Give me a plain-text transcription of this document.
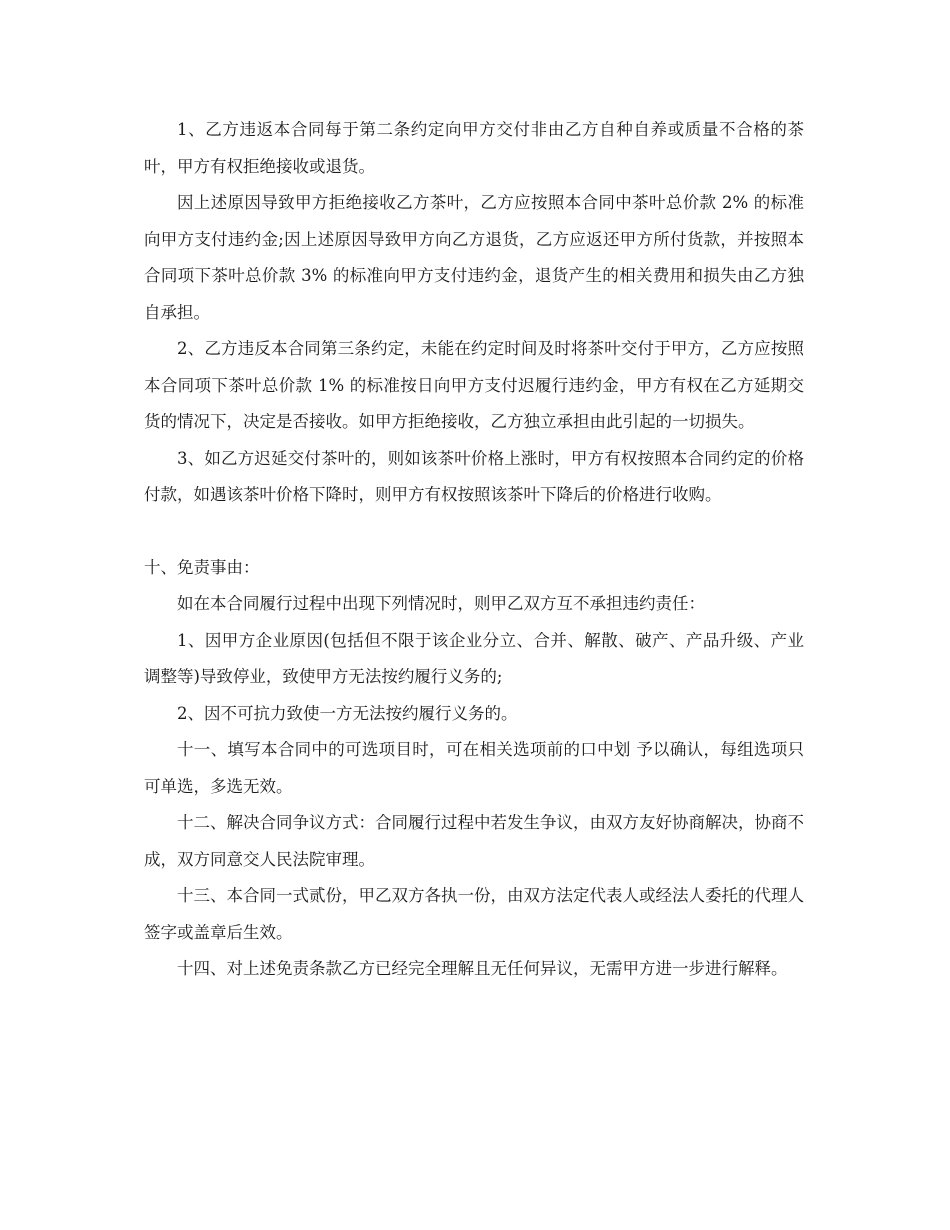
1、乙方违返本合同每于第二条约定向甲方交付非由乙方自种自养或质量不合格的茶叶，甲方有权拒绝接收或退货。

因上述原因导致甲方拒绝接收乙方茶叶，乙方应按照本合同中茶叶总价款 2% 的标准向甲方支付违约金;因上述原因导致甲方向乙方退货，乙方应返还甲方所付货款，并按照本合同项下茶叶总价款 3% 的标准向甲方支付违约金，退货产生的相关费用和损失由乙方独自承担。

2、乙方违反本合同第三条约定，未能在约定时间及时将茶叶交付于甲方，乙方应按照本合同项下茶叶总价款 1% 的标准按日向甲方支付迟履行违约金，甲方有权在乙方延期交货的情况下，决定是否接收。如甲方拒绝接收，乙方独立承担由此引起的一切损失。

3、如乙方迟延交付茶叶的，则如该茶叶价格上涨时，甲方有权按照本合同约定的价格付款，如遇该茶叶价格下降时，则甲方有权按照该茶叶下降后的价格进行收购。

十、免责事由：

如在本合同履行过程中出现下列情况时，则甲乙双方互不承担违约责任：

1、因甲方企业原因(包括但不限于该企业分立、合并、解散、破产、产品升级、产业调整等)导致停业，致使甲方无法按约履行义务的;

2、因不可抗力致使一方无法按约履行义务的。

十一、填写本合同中的可选项目时，可在相关选项前的口中划 予以确认，每组选项只可单选，多选无效。

十二、解决合同争议方式：合同履行过程中若发生争议，由双方友好协商解决，协商不成，双方同意交人民法院审理。

十三、本合同一式贰份，甲乙双方各执一份，由双方法定代表人或经法人委托的代理人签字或盖章后生效。

十四、对上述免责条款乙方已经完全理解且无任何异议，无需甲方进一步进行解释。
